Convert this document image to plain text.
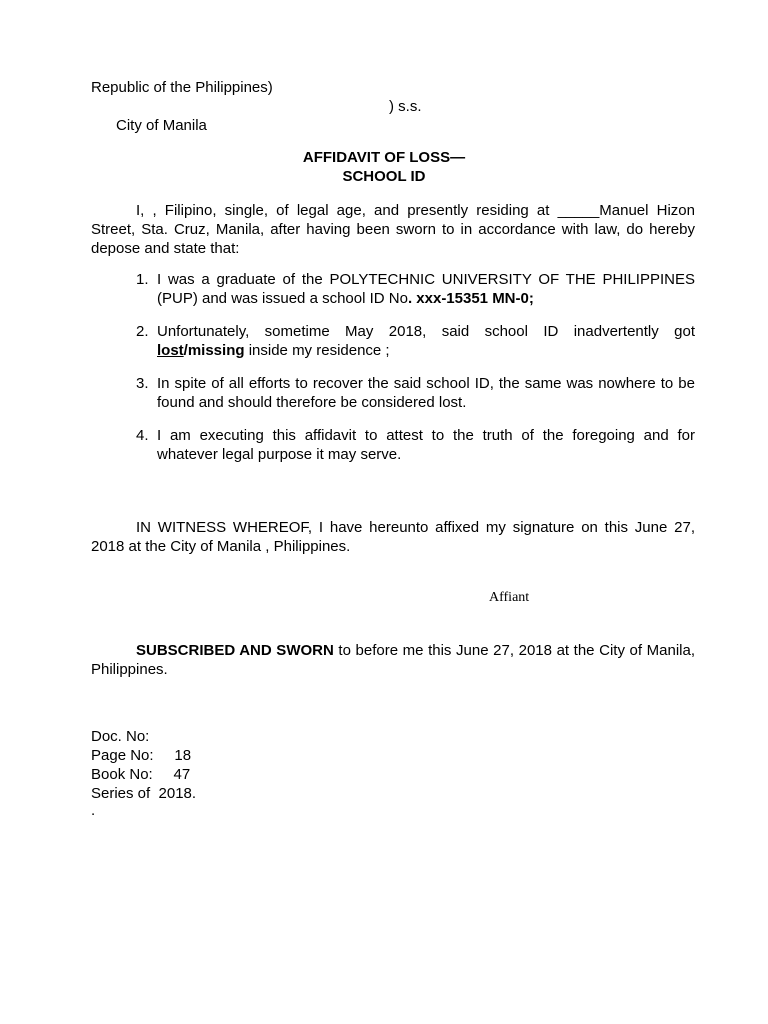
Republic of the Philippines)

City of Manila

) s.s.

AFFIDAVIT OF LOSS—

SCHOOL ID

I, , Filipino, single, of legal age, and presently residing at _____Manuel Hizon Street, Sta. Cruz, Manila, after having been sworn to in accordance with law, do hereby depose and state that:

1. I was a graduate of the POLYTECHNIC UNIVERSITY OF THE PHILIPPINES (PUP) and was issued a school ID No. xxx-15351 MN-0;
2. Unfortunately, sometime May 2018, said school ID inadvertently got lost/missing inside my residence ;
3. In spite of all efforts to recover the said school ID, the same was nowhere to be found and should therefore be considered lost.
4. I am executing this affidavit to attest to the truth of the foregoing and for whatever legal purpose it may serve.

IN WITNESS WHEREOF, I have hereunto affixed my signature on this June 27, 2018 at the City of Manila , Philippines.

Affiant

SUBSCRIBED AND SWORN to before me this June 27, 2018 at the City of Manila, Philippines.

Doc. No:
Page No:     18
Book No:     47
Series of  2018.

.
